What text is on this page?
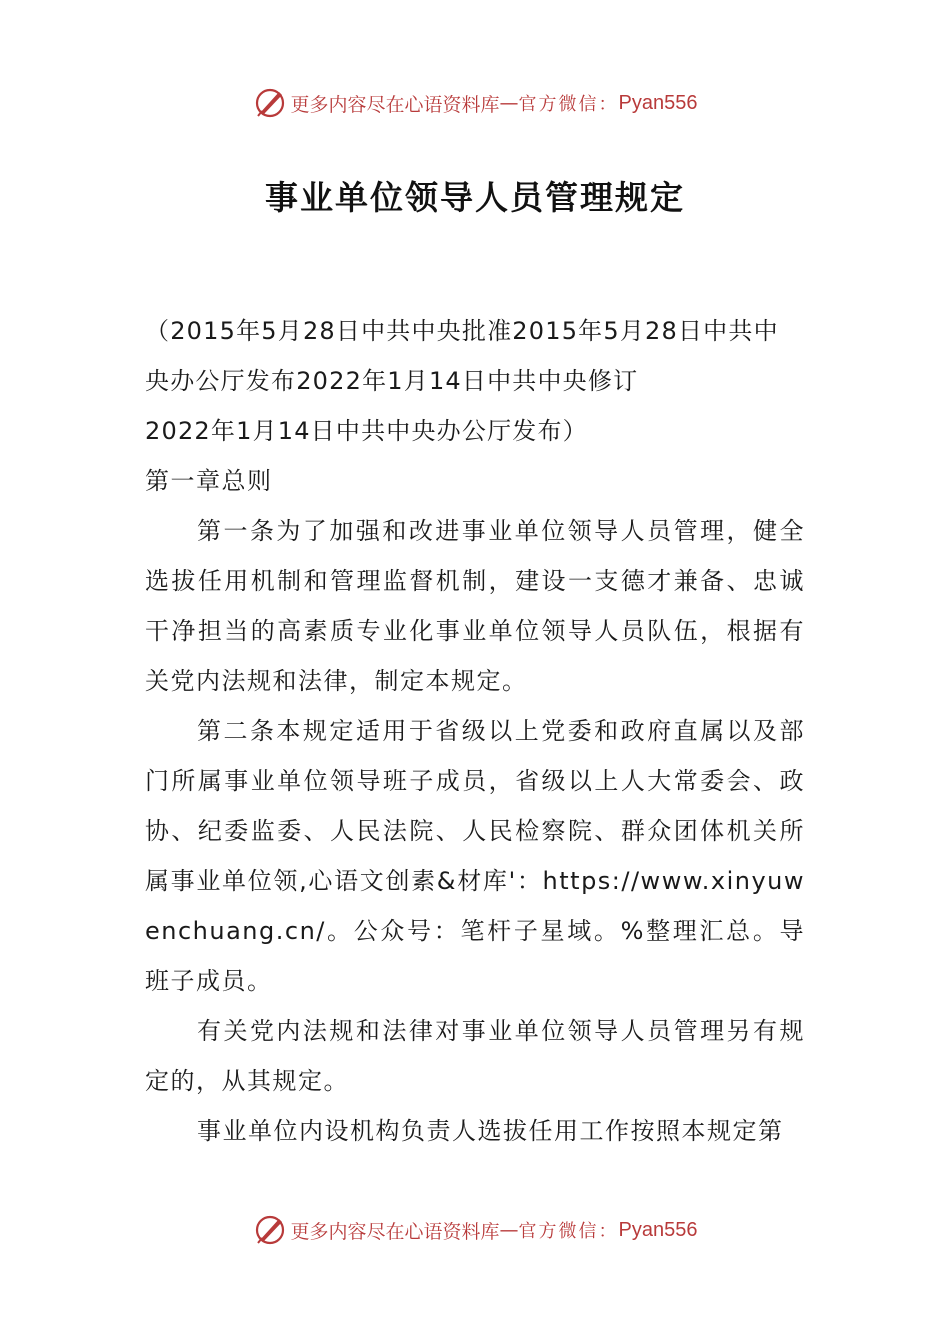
更多内容尽在心语资料库 — 官方微信： Pyan556
事业单位领导人员管理规定

（2015年5月28日中共中央批准2015年5月28日中共中

央办公厅发布2022年1月14日中共中央修订

2022年1月14日中共中央办公厅发布）

第一章总则

第一条为了加强和改进事业单位领导人员管理，健全选拔任用机制和管理监督机制，建设一支德才兼备、忠诚干净担当的高素质专业化事业单位领导人员队伍，根据有关党内法规和法律，制定本规定。

第二条本规定适用于省级以上党委和政府直属以及部门所属事业单位领导班子成员，省级以上人大常委会、政协、纪委监委、人民法院、人民检察院、群众团体机关所属事业单位领,心语文创素&材库'：https://www.xinyuwenchuang.cn/。公众号：笔杆子星域。%整理汇总。导班子成员。

有关党内法规和法律对事业单位领导人员管理另有规定的，从其规定。

事业单位内设机构负责人选拔任用工作按照本规定第

更多内容尽在心语资料库 — 官方微信： Pyan556
